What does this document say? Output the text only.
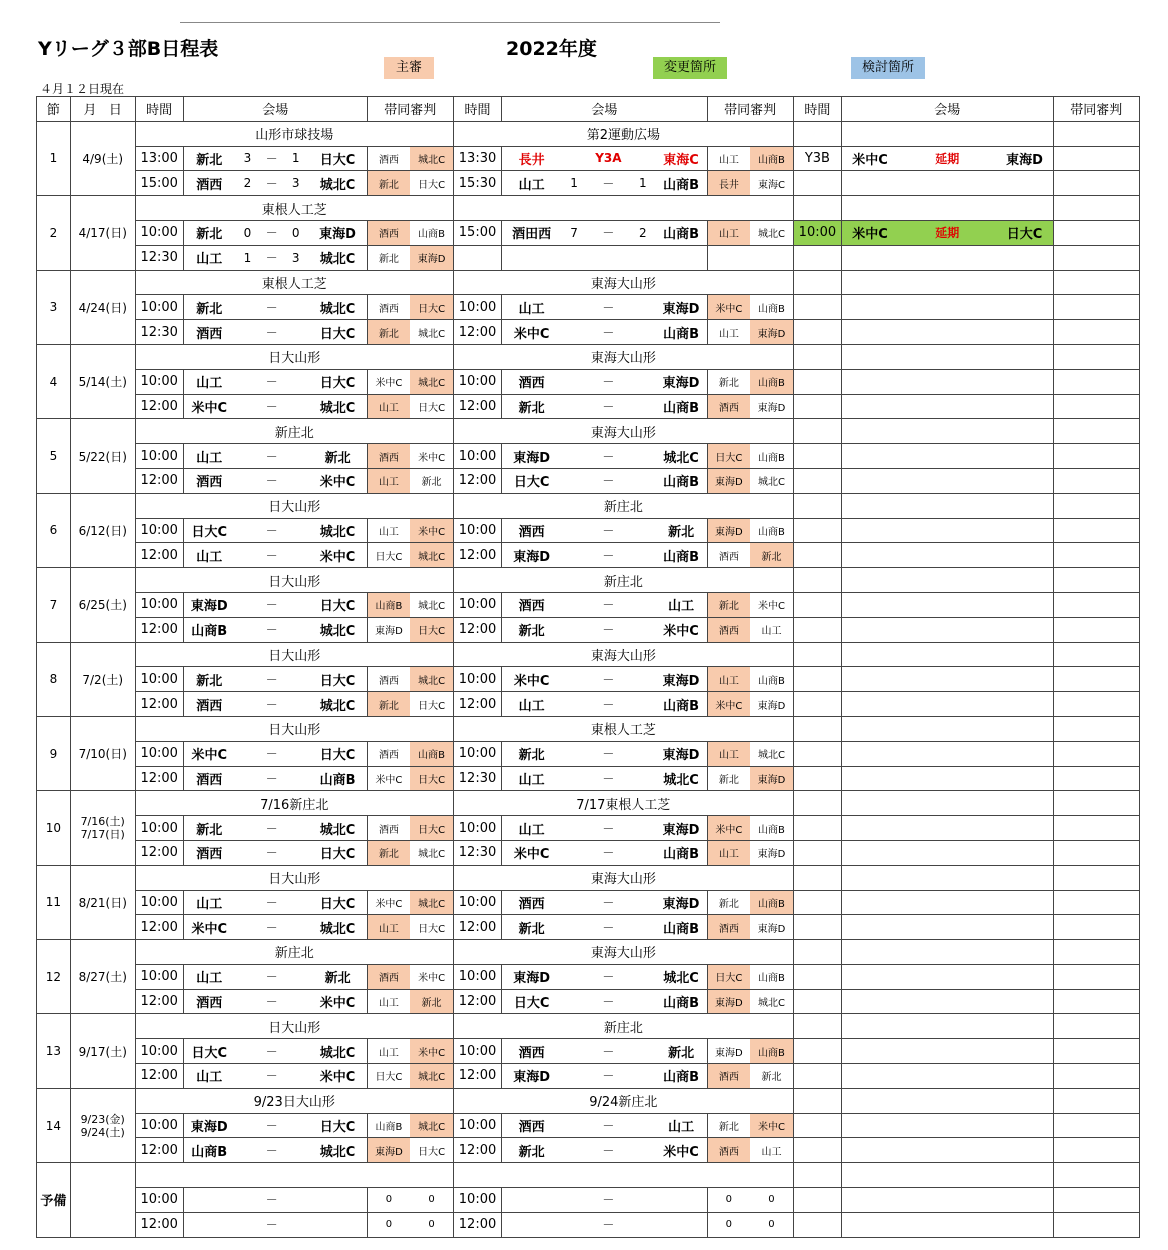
Yリーグ３部B日程表	2022年度
主審	変更箇所	検討箇所
４月１２日現在
節	月 日	時間	会場					帯同審判		時間	会場					帯同審判		時間	会場			帯同審判
1	4/9(土)	山形市球技場								第2運動広場												
		13:00	新北	3	－	1	日大C	酒西	城北C	13:30	長井		Y3A		東海C	山工	山商B	Y3B	米中C	延期	東海D	
		15:00	酒西	2	－	3	城北C	新北	日大C	15:30	山工	1	－	1	山商B	長井	東海C					
2	4/17(日)	東根人工芝																				
		10:00	新北	0	－	0	東海D	酒西	山商B	15:00	酒田西	7	－	2	山商B	山工	城北C	10:00	米中C	延期	日大C	
		12:30	山工	1	－	3	城北C	新北	東海D													
3	4/24(日)	東根人工芝								東海大山形												
		10:00	新北		－		城北C	酒西	日大C	10:00	山工		－		東海D	米中C	山商B					
		12:30	酒西		－		日大C	新北	城北C	12:00	米中C		－		山商B	山工	東海D					
4	5/14(土)	日大山形								東海大山形												
		10:00	山工		－		日大C	米中C	城北C	10:00	酒西		－		東海D	新北	山商B					
		12:00	米中C		－		城北C	山工	日大C	12:00	新北		－		山商B	酒西	東海D					
5	5/22(日)	新庄北								東海大山形												
		10:00	山工		－		新北	酒西	米中C	10:00	東海D		－		城北C	日大C	山商B					
		12:00	酒西		－		米中C	山工	新北	12:00	日大C		－		山商B	東海D	城北C					
6	6/12(日)	日大山形								新庄北												
		10:00	日大C		－		城北C	山工	米中C	10:00	酒西		－		新北	東海D	山商B					
		12:00	山工		－		米中C	日大C	城北C	12:00	東海D		－		山商B	酒西	新北					
7	6/25(土)	日大山形								新庄北												
		10:00	東海D		－		日大C	山商B	城北C	10:00	酒西		－		山工	新北	米中C					
		12:00	山商B		－		城北C	東海D	日大C	12:00	新北		－		米中C	酒西	山工					
8	7/2(土)	日大山形								東海大山形												
		10:00	新北		－		日大C	酒西	城北C	10:00	米中C		－		東海D	山工	山商B					
		12:00	酒西		－		城北C	新北	日大C	12:00	山工		－		山商B	米中C	東海D					
9	7/10(日)	日大山形								東根人工芝												
		10:00	米中C		－		日大C	酒西	山商B	10:00	新北		－		東海D	山工	城北C					
		12:00	酒西		－		山商B	米中C	日大C	12:30	山工		－		城北C	新北	東海D					
10	7/16(土)
7/17(日)	7/16新庄北								7/17東根人工芝												
		10:00	新北		－		城北C	酒西	日大C	10:00	山工		－		東海D	米中C	山商B					
		12:00	酒西		－		日大C	新北	城北C	12:30	米中C		－		山商B	山工	東海D					
11	8/21(日)	日大山形								東海大山形												
		10:00	山工		－		日大C	米中C	城北C	10:00	酒西		－		東海D	新北	山商B					
		12:00	米中C		－		城北C	山工	日大C	12:00	新北		－		山商B	酒西	東海D					
12	8/27(土)	新庄北								東海大山形												
		10:00	山工		－		新北	酒西	米中C	10:00	東海D		－		城北C	日大C	山商B					
		12:00	酒西		－		米中C	山工	新北	12:00	日大C		－		山商B	東海D	城北C					
13	9/17(土)	日大山形								新庄北												
		10:00	日大C		－		城北C	山工	米中C	10:00	酒西		－		新北	東海D	山商B					
		12:00	山工		－		米中C	日大C	城北C	12:00	東海D		－		山商B	酒西	新北					
14	9/23(金)
9/24(土)	9/23日大山形								9/24新庄北												
		10:00	東海D		－		日大C	山商B	城北C	10:00	酒西		－		山工	新北	米中C					
		12:00	山商B		－		城北C	東海D	日大C	12:00	新北		－		米中C	酒西	山工					
予備																						
		10:00			－			0	0	10:00			－			0	0					
		12:00			－			0	0	12:00			－			0	0					
